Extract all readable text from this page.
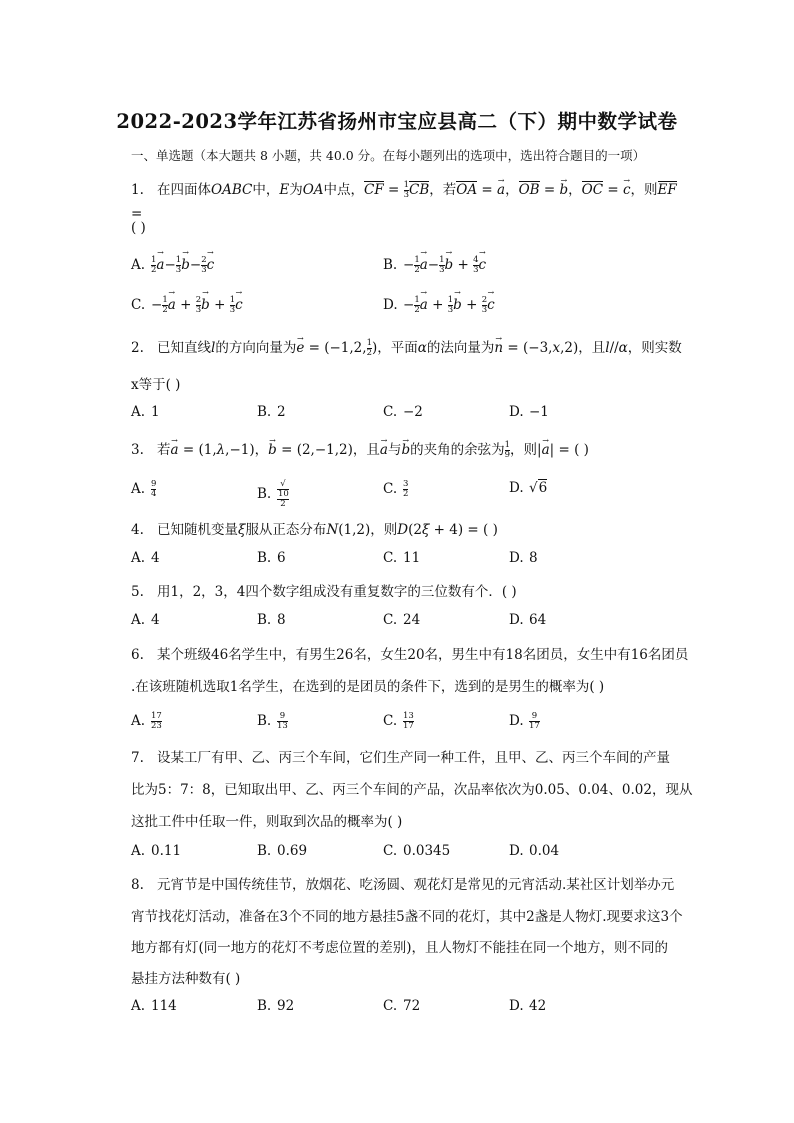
2022-2023学年江苏省扬州市宝应县高二（下）期中数学试卷
一、单选题（本大题共 8 小题，共 40.0 分。在每小题列出的选项中，选出符合题目的一项）
1. 在四面体OABC中，E为OA中点，CF = $\frac{1}{3}$ CB，若OA = → a，OB = → b，OC = → c，则EF =
( )
A. $\frac{1}{2}$
→ $a- \frac{1}{3}$
→ $b- \frac{2}{3}$
→ c	B. − $\frac{1}{2}$
→ $a- \frac{1}{3}$
→ $b + \frac{4}{3}$
→ c
C. − $\frac{1}{2}$
→ $a + \frac{2}{3}$
→ $b + \frac{1}{3}$
→ c	D. − $\frac{1}{2}$
→ $a + \frac{1}{3}$
→ $b + \frac{2}{3}$
→ c
2. 已知直线l的方向向量为→ e = (−1,2, $\frac{1}{2}$ )，平面α的法向量为→ n = (−3,x,2)，且l//α，则实数
x等于( )
A. 1	B. 2	C. −2	D. −1
3. 若→ a = (1,λ,−1)，→ b = (2,−1,2)，且→ a与→ b的夹角的余弦为 $\frac{1}{9}$ ，则|→ a| = ( )
A. $\frac{9}{4}$	B. √
10
2	C. $\frac{3}{2}$	D. √6
4. 已知随机变量ξ服从正态分布N(1,2)，则D(2ξ + 4) = ( )
A. 4	B. 6	C. 11	D. 8
5. 用1，2，3，4四个数字组成没有重复数字的三位数有个．( )
A. 4	B. 8	C. 24	D. 64
6. 某个班级46名学生中，有男生26名，女生20名，男生中有18名团员，女生中有16名团员
.在该班随机选取1名学生，在选到的是团员的条件下，选到的是男生的概率为( )
A. $\frac{17}{23}$	B. $\frac{9}{13}$	C. $\frac{13}{17}$	D. $\frac{9}{17}$
7. 设某工厂有甲、乙、丙三个车间，它们生产同一种工件，且甲、乙、丙三个车间的产量
比为5：7：8，已知取出甲、乙、丙三个车间的产品，次品率依次为0.05、0.04、0.02，现从
这批工件中任取一件，则取到次品的概率为( )
A. 0.11	B. 0.69	C. 0.0345	D. 0.04
8. 元宵节是中国传统佳节，放烟花、吃汤圆、观花灯是常见的元宵活动.某社区计划举办元
宵节找花灯活动，准备在3个不同的地方悬挂5盏不同的花灯，其中2盏是人物灯.现要求这3个
地方都有灯(同一地方的花灯不考虑位置的差别)，且人物灯不能挂在同一个地方，则不同的
悬挂方法种数有( )
A. 114	B. 92	C. 72	D. 42
